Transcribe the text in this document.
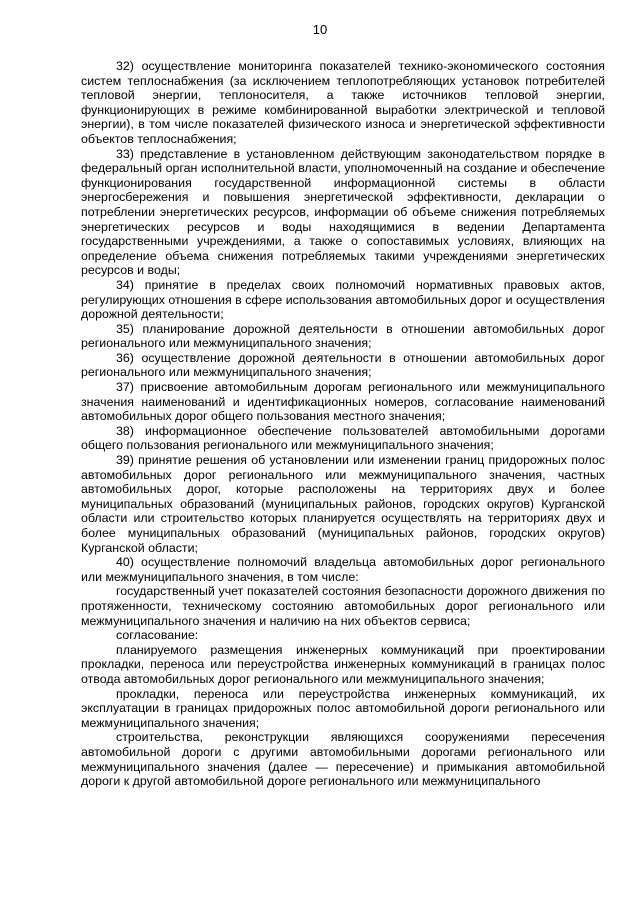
10

32) осуществление мониторинга показателей технико-экономического состояния систем теплоснабжения (за исключением теплопотребляющих установок потребителей тепловой энергии, теплоносителя, а также источников тепловой энергии, функционирующих в режиме комбинированной выработки электрической и тепловой энергии), в том числе показателей физического износа и энергетической эффективности объектов теплоснабжения;

33) представление в установленном действующим законодательством порядке в федеральный орган исполнительной власти, уполномоченный на создание и обеспечение функционирования государственной информационной системы в области энергосбережения и повышения энергетической эффективности, декларации о потреблении энергетических ресурсов, информации об объеме снижения потребляемых энергетических ресурсов и воды находящимися в ведении Департамента государственными учреждениями, а также о сопоставимых условиях, влияющих на определение объема снижения потребляемых такими учреждениями энергетических ресурсов и воды;

34) принятие в пределах своих полномочий нормативных правовых актов, регулирующих отношения в сфере использования автомобильных дорог и осуществления дорожной деятельности;

35) планирование дорожной деятельности в отношении автомобильных дорог регионального или межмуниципального значения;

36) осуществление дорожной деятельности в отношении автомобильных дорог регионального или межмуниципального значения;

37) присвоение автомобильным дорогам регионального или межмуниципального значения наименований и идентификационных номеров, согласование наименований автомобильных дорог общего пользования местного значения;

38) информационное обеспечение пользователей автомобильными дорогами общего пользования регионального или межмуниципального значения;

39) принятие решения об установлении или изменении границ придорожных полос автомобильных дорог регионального или межмуниципального значения, частных автомобильных дорог, которые расположены на территориях двух и более муниципальных образований (муниципальных районов, городских округов) Курганской области или строительство которых планируется осуществлять на территориях двух и более муниципальных образований (муниципальных районов, городских округов) Курганской области;

40) осуществление полномочий владельца автомобильных дорог регионального или межмуниципального значения, в том числе:

государственный учет показателей состояния безопасности дорожного движения по протяженности, техническому состоянию автомобильных дорог регионального или межмуниципального значения и наличию на них объектов сервиса;

согласование:

планируемого размещения инженерных коммуникаций при проектировании прокладки, переноса или переустройства инженерных коммуникаций в границах полос отвода автомобильных дорог регионального или межмуниципального значения;

прокладки, переноса или переустройства инженерных коммуникаций, их эксплуатации в границах придорожных полос автомобильной дороги регионального или межмуниципального значения;

строительства, реконструкции являющихся сооружениями пересечения автомобильной дороги с другими автомобильными дорогами регионального или межмуниципального значения (далее — пересечение) и примыкания автомобильной дороги к другой автомобильной дороге регионального или межмуниципального
